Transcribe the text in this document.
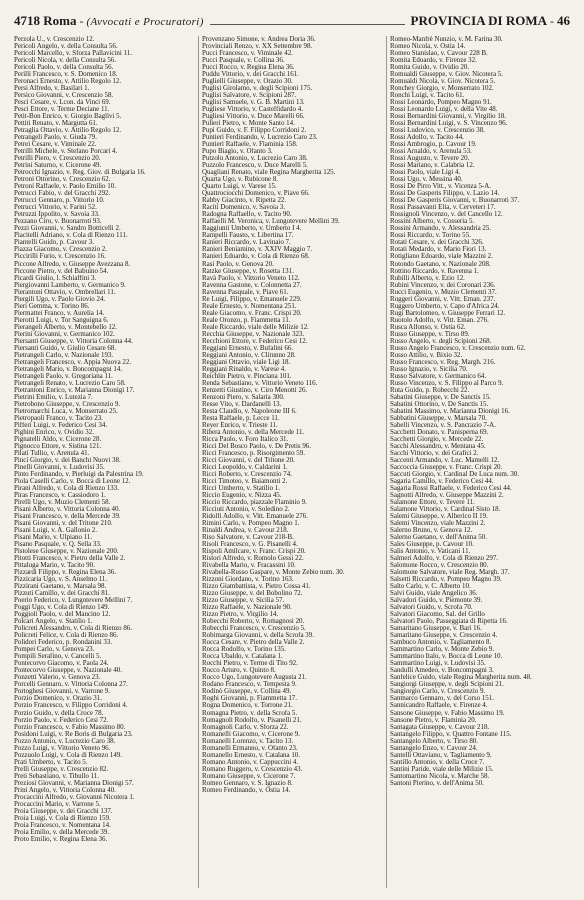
4718 Roma - (Avvocati e Procuratori)	PROVINCIA DI ROMA - 46
Perzola U., v. Crescenzio 12.
Pericoli Angelo, v. della Consulta 56.
Pericoli Marcello, v. Sforza Pallavicini 11.
Pericoli Nicola, v. della Consulta 56.
Pericoli Paolo, v. della Consulta 56.
Perilli Francesco, v. S. Domenico 18.
Peronaci Ernesto, v. Attilio Regolo 12.
Persi Alfredo, v. Basilari 1.
Persico Giovanni, v. Crescenzio 58.
Pesci Cesare, v. Lcon. da Vinci 69.
Pesci Ettore, v. Terme Deciane 11.
Petit-Bon Enrico, v. Giorgio Baglivi 5.
Pettiti Renato, v. Margutta 61.
Petraglia Ottavio, v. Attilio Regolo 12.
Petrangeli Paolo, v. Giuda 79.
Petrei Cesare, v. Viminale 22.
Petrilli Michele, v. Stefano Porcari 4.
Petrilli Piero, v. Crescenzio 20.
Petrini Saturno, v. Cicerone 49.
Petrocchi Ignazio, v. Reg. Giov. di Bulgaria 16.
Petroni Ottorino, v. Crescenzio 62.
Petroni Raffaele, v. Paolo Emilio 10.
Petrucci Fabio, v. del Gracchi 292.
Petrucci Gennaro, p. Vittorio 10.
Petrucci Vittorio, v. Farini 52.
Petruzzi Ippolito, v. Savoia 33.
Pezzano Ciro, v. Buonarroti 93.
Pezzi Giovanni, v. Sandro Botticelli 2.
Piacitelli Adriano, v. Cola di Rienzo 111.
Piantelli Guido, p. Cavour 3.
Piazza Giacomo, v. Crescenzio 2.
Piccirilli Furio, v. Crescenzio 16.
Piccone Alfredo, v. Giuseppe Avezzana 8.
Piccone Pietro, v. del Babuino 54.
Picardi Giulio, l. Schiaffini 3.
Piergiovanni Lamberto, v. Germanico 9.
Pierantoni Ottavio, v. Ombrellari 11.
Piergili Ugo, v. Paolo Giovio 24.
Pieri Gemma, v. Torino 86.
Piermattei Franco, v. Aurelia 14.
Pierotti Luigi, v. Tor Sanguigna 6.
Pierangeli Alberto, v. Montebello 12.
Pierini Giovanni, v. Germanico 102.
Piersanti Giuseppe, v. Vittoria Colonna 44.
Piersanti Guido, v. Giulio Cesare 68.
Pietrangeli Carlo, v. Nazionale 193.
Pietrangeli Francesco, v. Appia Nuova 22.
Pietrangeli Mario, v. Boncompagni 14.
Pietrangeli Paolo, v. Gregoriana 11.
Pietrangeli Renato, v. Lucrezio Caro 58.
Pietrantoni Enrico, v. Marianna Dionigi 17.
Pietrini Emilio, v. Lutezia 7.
Pietrobono Giuseppe, v. Crescenzio 9.
Pietromarchi Luca, v. Monserrato 25.
Pietropaoli Franco, v. Tacito 23.
Pifferi Luigi, v. Federico Cesi 34.
Pighini Enrico, v. Ovidio 32.
Pignatelli Aldo, v. Cicerone 28.
Pignocco Ettore, v. Sistina 121.
Pilati Tullio, v. Arenula 41.
Pinci Giorgio, v. dei Banchi Nuovi 38.
Pinelli Giovanni, v. Ludovisi 35.
Pinto Ferdinando, v. Pierluigi da Palestrina 19.
Piola Caselli Carlo, v. Bocca di Leone 12.
Pirani Alfredo, v. Cola di Rienzo 133.
Piras Francesco, v. Cassiodoro 1.
Pirelli Ugo, v. Muzio Clementi 58.
Pisani Alberto, v. Vittoria Colonna 40.
Pisani Francesco, v. della Mercede 39.
Pisani Giovanni, v. del Tritone 210.
Pisani Luigi, v. A. Gallonio 2.
Pisani Mario, v. Ulpiano 11.
Pisano Pasquale, v. Q. Sella 33.
Pistolese Giuseppe, v. Nazionale 200.
Pitotti Francesco, v. Pietro della Valle 2.
Pittaluga Mario, v. Tacito 90.
Pizzardi Filippo, v. Regina Elena 36.
Pizzicaria Ugo, v. S. Anselmo 11.
Pizzirani Gaetano, v. Marsala 98.
Pizzuti Camillo, v. dei Gracchi 81.
Poerio Federico, v. Lungotevere Mellini 7.
Poggi Ugo, v. Cola di Rienzo 149.
Poggioli Paolo, v. del Mancino 12.
Polcari Angelo, v. Statilio 1.
Policreti Alessandro, v. Cola di Rienzo 86.
Policreti Felice, v. Cola di Rienzo 86.
Polidori Federico, p. Rondanini 33.
Pompei Carlo, v. Genova 23.
Pompili Serafino, v. Cancelli 5.
Pontecorvo Giacomo, v. Paola 24.
Pontecorvo Giuseppe, v. Nazionale 40.
Ponzetti Valerio, v. Genova 23.
Porcelli Gennaro, v. Vittoria Colonna 27.
Portoghesi Giovanni, v. Varrone 9.
Porzio Domenico, v. Orazio 31.
Porzio Francesco, v. Filippo Corridoni 4.
Porzio Guido, v. della Croce 78.
Porzio Paolo, v. Federico Cesi 72.
Porzio Francesco, v. Fabio Massimo 80.
Posidoni Luigi, v. Re Boris di Bulgaria 23.
Pozzo Antonio, v. Lucrezio Caro 38.
Pozzo Luigi, v. Vittorio Veneto 96.
Pozzuolo Luigi, v. Cola di Rienzo 149.
Prati Umberto, v. Tacito 5.
Prelli Giuseppe, v. Crescenzio 82.
Preti Sebastiano, v. Tibullo 11.
Preziosi Giovanni, v. Marianna Dionigi 57.
Prini Angelo, v. Vittoria Colonna 40.
Procaccini Alfredo, v. Giovanni Nicotera 1.
Procaccini Mario, v. Varrone 5.
Proia Giuseppe, v. dei Gracchi 137.
Proia Luigi, v. Cola di Rienzo 159.
Proia Francesco, v. Nomentana 14.
Proia Emilio, v. della Mercede 39.
Proto Emilio, v. Regina Elena 36.
Provenzano Simone, v. Andrea Doria 36.
Provinciali Renzo, v. XX Settembre 98.
Pucci Francesco, v. Viminale 42.
Pucci Pasquale, v. Collina 36.
Pucci Rocco, v. Regina Elena 36.
Puddu Vittorio, v. dei Gracchi 161.
Puglielli Giuseppe, v. Orazio 30.
Puglisi Girolamo, v. degli Scipioni 175.
Puglisi Salvatore, v. Scipioni 287.
Puglisi Samuele, v. G. B. Martini 13.
Pugliese Vittorio, v. Castelfidardo 4.
Pugliesi Vittorio, v. Duce Marelli 66.
Pulieri Pietro, v. Monte Santo 14.
Pupi Guido, v. F. Filippo Corridoni 2.
Puntieri Ferdinando, v. Lucrezio Caro 23.
Puntieri Raffaele, v. Flaminia 158.
Pupo Biagio, v. Ofanto 3.
Putzolu Antonio, v. Lucrezio Caro 38.
Puzzolo Francesco, v. Duce Marelli 5.
Quagliani Renato, viale Regina Margherita 125.
Quarta Ugo, v. Rubicone 8.
Quarto Luigi, v. Varese 15.
Quattrociocchi Domenico, v. Piave 66.
Rabby Giacinto, v. Ripetta 22.
Raciti Domenico, v. Savoia 3.
Radogna Raffaello, v. Tacito 90.
Raffaelli M. Veronica, v. Lungotevere Mellini 39.
Raggiunti Umberto, v. Umberto I 4.
Rampelli Fausto, v. Libertina 17.
Ranieri Riccardo, v. Lavinaio 7.
Ranieri Beniamino, v. XXIV Maggio 7.
Ranieri Eduardo, v. Cola di Rienzo 68.
Rasi Paolo, v. Genova 20.
Ratzke Giuseppe, v. Rosetta 131.
Ravà Paolo, v. Vittorio Veneto 112.
Ravenna Gastone, v. Colonnetta 27.
Ravenna Pasquale, v. Piave 61.
Re Luigi, Filippo, v. Emanuele 229.
Reale Ernesto, v. Nomentana 251.
Reale Giacomo, v. Franc. Crispi 20.
Reale Oronzo, p. Fiammetta 11.
Reale Riccardo, viale delle Milizie 12.
Recchia Giuseppe, v. Nazionale 323.
Recchioni Ettore, v. Federico Cesi 12.
Reggiani Ernesto, v. Bufalini 66.
Reggiani Antonio, v. Clitunno 28.
Reggiani Ottavio, viale Ligi 18.
Reggiani Rinaldo, v. Varese 4.
Reichlin Pietro, v. Pinciana 101.
Renda Sebastiano, v. Vittorio Veneto 116.
Renzetti Giustino, v. Ciro Menotti 26.
Renzoni Piero, v. Salaria 300.
Resse Vito, v. Dardanelli 13.
Resta Claudio, v. Napoleone III 6.
Resta Raffaele, p. Lecce 11.
Reyer Enrico, v. Trieste 11.
Ribera Antonio, v. della Mercede 11.
Ricca Paolo, v. Foro Italico 31.
Ricci Del Bosco Paolo, v. De Pretis 96.
Ricci Francesco, p. Risorgimento 59.
Ricci Giovanni, v. del Tritone 20.
Ricci Leopoldo, v. Caldarini 1.
Ricci Roberto, v. Crescenzio 74.
Ricci Timoteo, v. Baiamonti 2.
Ricci Umberto, v. Statilio 1.
Riccio Eugenio, v. Nizza 45.
Riccio Riccardo, piazzale Flaminio 9.
Ricciuti Antonio, v. Soledino 2.
Ridolfi Adolfo, v. Vitt. Emanuele 276.
Rimini Carlo, v. Pompeo Magno 1.
Rinaldi Andrea, v. Cavour 218.
Riso Salvatore, v. Cavour 218-B.
Risoli Francesco, v. G. Pisanelli 4.
Rispoli Amilcare, v. Franc. Crispi 20.
Ristori Alfredo, v. Romolo Gessi 22.
Rivabella Mario, v. Fracassini 10.
Rivabella-Russo Gaspare, v. Monte Zebio num. 30.
Rizzoni Giordano, v. Torino 163.
Rizzo Giambattista, v. Pietro Cossa 41.
Rizzo Giuseppe, v. del Bobolino 72.
Rizzo Giuseppe, v. Sicilia 57.
Rizzo Raffaele, v. Nazionale 90.
Rizzo Pietro, v. Virgilio 14.
Robecchi Roberto, v. Romagnosi 20.
Robecchi Francesco, v. Crescenzio 5.
Robimarga Giovanni, v. della Scrofa 39.
Rocca Cesare, v. Pietro della Valle 2.
Rocca Rodolfo, v. Torino 135.
Rocca Ubaldo, v. Catalana 1.
Rocchi Pietro, v. Terme di Tito 92.
Rocco Arturo, v. Quinto 8.
Rocco Ugo, Lungotevere Augusta 21.
Rodano Francesco, v. Tempesta 9.
Rodinò Giuseppe, v. Collina 49.
Roghi Giovanni, p. Fiammetta 17.
Rogna Domenico, v. Torrone 21.
Romagna Pietro, v. della Scrofa 5.
Romagnoli Rodolfo, v. Pisanelli 21.
Romagnoli Carlo, v. Sforza 22.
Romanelli Giacomo, v. Cicerone 9.
Romanelli Lorenzo, v. Tacito 13.
Romanelli Ermanno, v. Ofanto 23.
Romanello Ernesto, v. Catalana 10.
Romano Antonio, v. Cappuccini 4.
Romano Ruggero, v. Crescenzio 43.
Romano Giuseppe, v. Cicerone 7.
Romeo Gennaro, v. S. Ignazio 8.
Romeo Ferdinando, v. Ostia 14.
Romeo-Manfrè Nunzio, v. M. Farina 30.
Romeo Nicola, v. Ostia 14.
Romeo Stanislao, v. Cavour 228 B.
Romita Edoardo, v. Firenze 32.
Romita Guido, v. Ovidio 20.
Romualdi Giuseppe, v. Giov. Nicotera 5.
Romualdi Nicola, v. Giov. Nicotera 5.
Ronchey Giorgio, v. Monserrato 102.
Ronchi Luigi, v. Tacito 61.
Rossi Leonardo, Pompeo Magno 91.
Rossi Leonardo Luigi, v. della Vite 48.
Rossi Bernardini Giovanni, v. Virgilio 18.
Rossi Bernardini Luigi, v. S. Vincenzo 96.
Rossi Ludovico, v. Crescenzio 38.
Rossi Adolfo, v. Tacito 44.
Rossi Ambrogio, p. Cavour 19.
Rossi Arnaldo, v. Arenula 53.
Rossi Augusto, v. Tevere 20.
Rossi Mariano, v. Calabria 12.
Rossi Paolo, viale Ligi 4.
Rossi Ugo, v. Messina 40.
Rossi De Pirro Vitt., v. Vicenza 5-A.
Rossi De Gasperis Filippo, v. Lazio 14.
Rossi De Gasperis Giovanni, v. Buonarroti 37.
Rossi Passavanti Elia, v. Cerveteri 17.
Rossignoli Vincenzo, v. del Cancello 12.
Rossini Alberto, v. Cosseria 5.
Rossini Armando, v. Alessandria 25.
Rossi Riccardo, v. Torino 55.
Rotati Cesare, v. dei Gracchi 326.
Rotati Medardo, v. Mario Fiori 13.
Rotigliano Edoardo, viale Mazzini 2.
Rotondo Gaetano, v. Nazionale 208.
Rottino Riccardo, v. Ravenna 1.
Rubilli Alberto, v. Ezio 12.
Rubini Vincenzo, v. dei Coronari 236.
Rucci Eugenio, v. Muzio Clementi 37.
Ruggeri Giovanni, v. Vitt. Eman. 237.
Ruggero Umberto, v. Capo d'Africa 24.
Rugi Bartolomeo, v. Giuseppe Ferrari 12.
Ruotolo Adolfo, v. Vitt. Eman. 276.
Rusca Alfonso, v. Ostia 62.
Russo Giuseppe, v. Tirso 89.
Russo Angelo, v. degli Scipioni 268.
Russo Angelo Francesco, v. Crescenzio num. 62.
Russo Attilio, v. Bixio 32.
Russo Francesco, v. Reg. Margh. 216.
Russo Ignazio, v. Sicilia 70.
Russo Salvatore, v. Germanico 64.
Russo Vincenzo, v. S. Filippo al Parco 9.
Ruta Guido, p. Robecchi 22.
Sabatini Giuseppe, v. De Sanctis 15.
Sabatini Ottorino, v. De Sanctis 15.
Sabatini Massimo, v. Marianna Dionigi 16.
Sabbatini Giuseppe, v. Marsala 70.
Sabelli Vincenzo, v. S. Pancrazio 7-A.
Sacchetti Donato, v. Panisperna 69.
Sacchetti Giorgio, v. Mercede 22.
Sacchi Alessandro, v. Mentana 45.
Sacchi Vittorio, v. dei Grafici 2.
Saccenti Armando, v. Luc. Mamelli 12.
Saccoccia Giuseppe, v. Franc. Crispi 20.
Saccuti Giorgio, v. Cardinal De Luca num. 30.
Sagaria Camillo, v. Federico Cesi 44.
Sagaria Rossi Raffaele, v. Federico Cesi 44.
Sagnotti Alfredo, v. Giuseppe Mazzini 2.
Salamone Ettore, v. Tevere 11.
Salamone Vittorio, v. Cardinal Sisto 18.
Salemi Giuseppe, v. Alberico II 19.
Salemi Vincenzo, viale Mazzini 2.
Salerno Bruno, v. Genova 12.
Salerno Gaetano, v. dell'Anima 50.
Sales Giuseppe, p. Cavour 10.
Salis Antonio, v. Vaticani 11.
Salmeri Adolfo, v. Cola di Rienzo 297.
Salomone Rocco, v. Crescenzio 80.
Salomone Salvatore, viale Reg. Margh. 37.
Salsetti Riccardo, v. Pompeo Magno 39.
Salto Carlo, v. C. Alberto 10.
Salvi Guido, viale Angelico 36.
Salvadori Guido, v. Piemonte 39.
Salvatori Guido, v. Scrofa 70.
Salvatori Giacomo, Sal. del Grillo
Salvatori Paolo, Passeggiata di Ripetta 16.
Samaritano Giuseppe, v. Bari 16.
Samaritano Giuseppe, v. Crescenzio 4.
Sambuco Antonio, v. Tagliamento 8.
Sammartino Carlo, v. Monte Zebio 9.
Sammartino Italo, v. Bocca di Leone 10.
Sammartino Luigi, v. Ludovisi 35.
Sandulli Amedeo, v. Boncompagni 3.
Sanfelice Guido, viale Regina Margherita num. 48.
Sangiorgi Giuseppe, v. degli Scipioni 21.
Sangiorgio Carlo, v. Crescenzio 9.
Sanmarco Gennaro, v. del Corso 151.
Sannicandro Raffaele, v. Firenze 4.
Sansone Giuseppe, v. Fabio Massimo 19.
Sansone Pietro, v. Flaminia 20.
Santagata Giuseppe, v. Cavour 218.
Santangelo Filippo, v. Quattro Fontane 115.
Santangelo Alberto, v. Tirso 80.
Santangelo Enzo, v. Cavour 24.
Santelli Ottaviano, v. Tagliamento 9.
Santillo Antonio, v. della Croce 7.
Santini Paride, viale delle Milizie 15.
Santomartino Nicola, v. Marche 58.
Santoni Pierino, v. dell'Anima 50.
